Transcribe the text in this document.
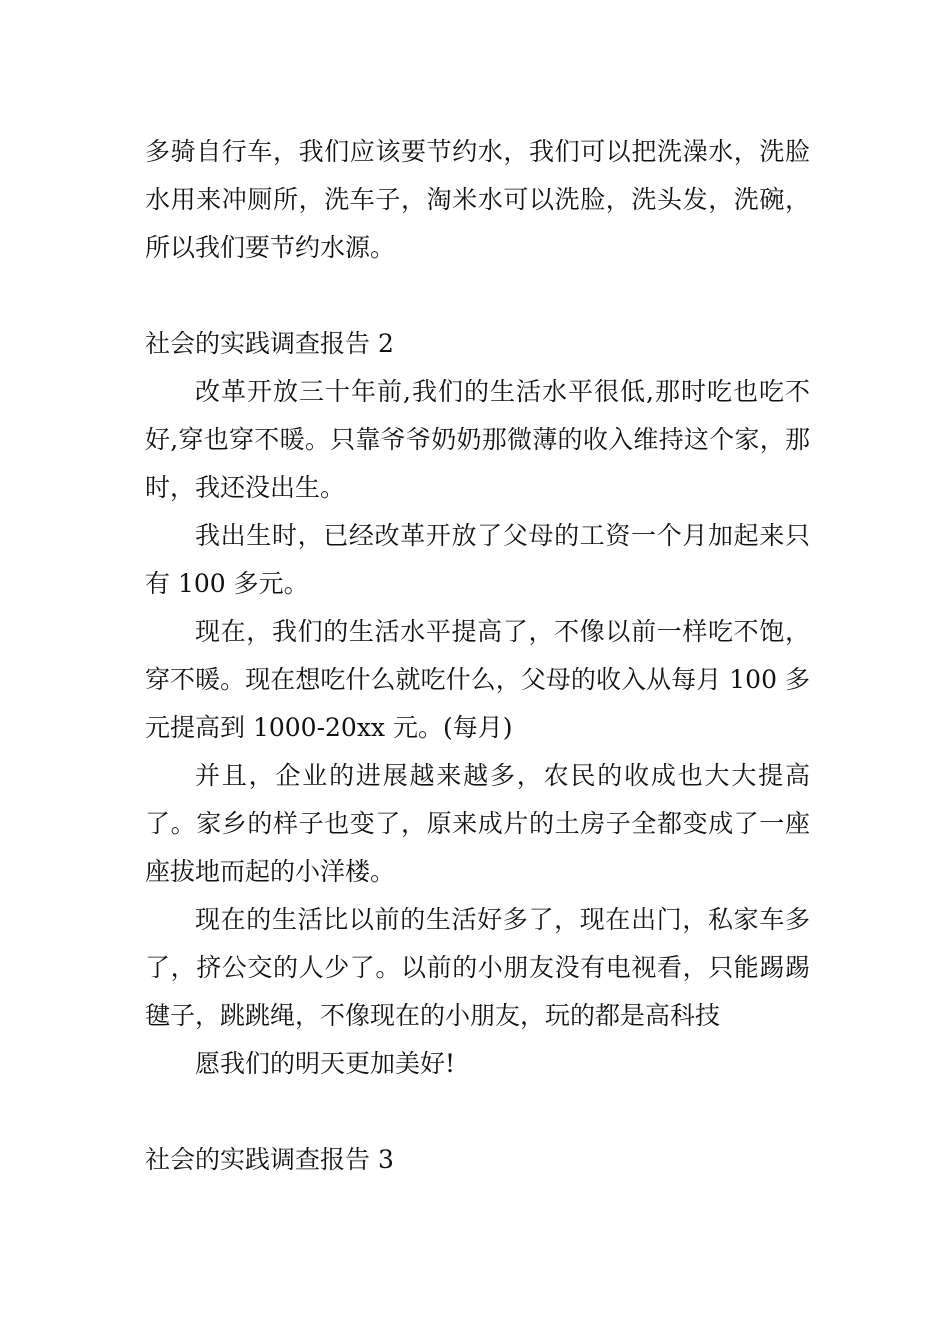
多骑自行车，我们应该要节约水，我们可以把洗澡水，洗脸水用来冲厕所，洗车子，淘米水可以洗脸，洗头发，洗碗，所以我们要节约水源。

社会的实践调查报告 2

改革开放三十年前,我们的生活水平很低,那时吃也吃不好,穿也穿不暖。只靠爷爷奶奶那微薄的收入维持这个家，那时，我还没出生。

我出生时，已经改革开放了父母的工资一个月加起来只有 100 多元。

现在，我们的生活水平提高了，不像以前一样吃不饱，穿不暖。现在想吃什么就吃什么，父母的收入从每月 100 多元提高到 1000-20xx 元。(每月)

并且，企业的进展越来越多，农民的收成也大大提高了。家乡的样子也变了，原来成片的土房子全都变成了一座座拔地而起的小洋楼。

现在的生活比以前的生活好多了，现在出门，私家车多了，挤公交的人少了。以前的小朋友没有电视看，只能踢踢毽子，跳跳绳，不像现在的小朋友，玩的都是高科技

愿我们的明天更加美好!

社会的实践调查报告 3
